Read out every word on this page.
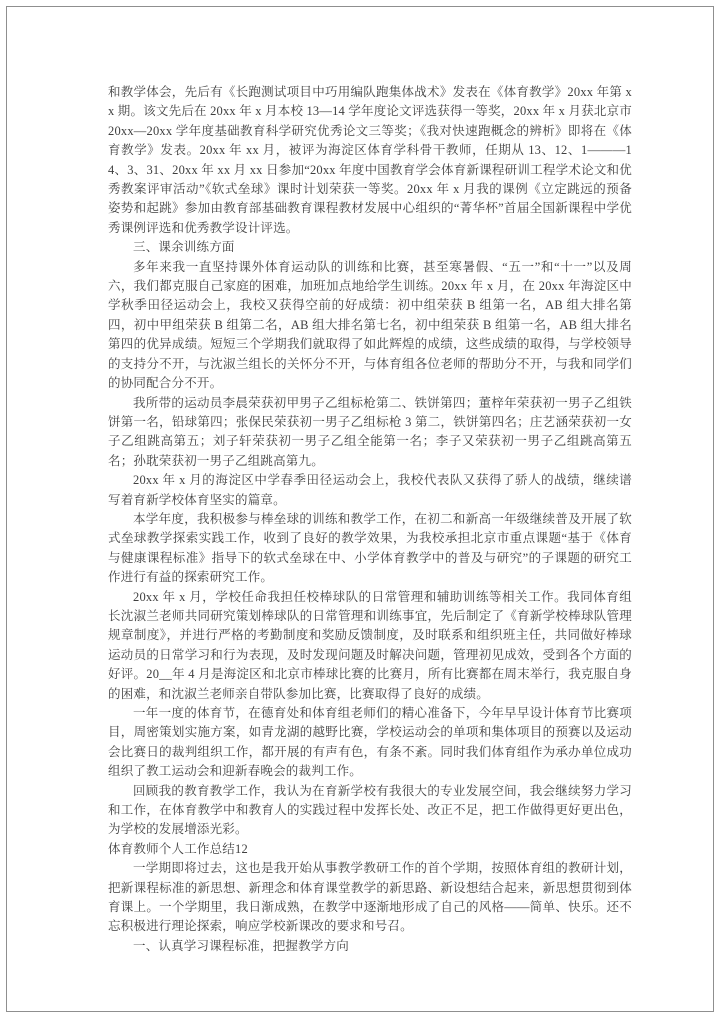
和教学体会，先后有《长跑测试项目中巧用编队跑集体战术》发表在《体育教学》20xx 年第 xx 期。该文先后在 20xx 年 x 月本校 13—14 学年度论文评选获得一等奖，20xx 年 x 月获北京市 20xx—20xx 学年度基础教育科学研究优秀论文三等奖；《我对快速跑概念的辨析》即将在《体育教学》发表。20xx 年 xx 月，被评为海淀区体育学科骨干教师，任期从 13、12、1———14、3、31、20xx 年 xx 月 xx 日参加“20xx 年度中国教育学会体育新课程研训工程学术论文和优秀教案评审活动”《软式垒球》课时计划荣获一等奖。20xx 年 x 月我的课例《立定跳远的预备姿势和起跳》参加由教育部基础教育课程教材发展中心组织的“菁华杯”首届全国新课程中学优秀课例评选和优秀教学设计评选。

三、课余训练方面

多年来我一直坚持课外体育运动队的训练和比赛，甚至寒暑假、“五一”和“十一”以及周六，我们都克服自己家庭的困难，加班加点地给学生训练。20xx 年 x 月，在 20xx 年海淀区中学秋季田径运动会上，我校又获得空前的好成绩：初中组荣获 B 组第一名，AB 组大排名第四，初中甲组荣获 B 组第二名，AB 组大排名第七名，初中组荣获 B 组第一名，AB 组大排名第四的优异成绩。短短三个学期我们就取得了如此辉煌的成绩，这些成绩的取得，与学校领导的支持分不开，与沈淑兰组长的关怀分不开，与体育组各位老师的帮助分不开，与我和同学们的协同配合分不开。

我所带的运动员李晨荣获初甲男子乙组标枪第二、铁饼第四；董梓年荣获初一男子乙组铁饼第一名，铅球第四；张保民荣获初一男子乙组标枪 3 第二，铁饼第四名；庄艺涵荣获初一女子乙组跳高第五；刘子轩荣获初一男子乙组全能第一名；李子又荣获初一男子乙组跳高第五名；孙耽荣获初一男子乙组跳高第九。

20xx 年 x 月的海淀区中学春季田径运动会上，我校代表队又获得了骄人的战绩，继续谱写着育新学校体育坚实的篇章。

本学年度，我积极参与棒垒球的训练和教学工作，在初二和新高一年级继续普及开展了软式垒球教学探索实践工作，收到了良好的教学效果，为我校承担北京市重点课题“基于《体育与健康课程标准》指导下的软式垒球在中、小学体育教学中的普及与研究”的子课题的研究工作进行有益的探索研究工作。

20xx 年 x 月，学校任命我担任校棒球队的日常管理和辅助训练等相关工作。我同体育组长沈淑兰老师共同研究策划棒球队的日常管理和训练事宜，先后制定了《育新学校棒球队管理规章制度》，并进行严格的考勤制度和奖励反馈制度，及时联系和组织班主任，共同做好棒球运动员的日常学习和行为表现，及时发现问题及时解决问题，管理初见成效，受到各个方面的好评。20__年 4 月是海淀区和北京市棒球比赛的比赛月，所有比赛都在周末举行，我克服自身的困难，和沈淑兰老师亲自带队参加比赛，比赛取得了良好的成绩。

一年一度的体育节，在德育处和体育组老师们的精心准备下，今年早早设计体育节比赛项目，周密策划实施方案，如青龙湖的越野比赛，学校运动会的单项和集体项目的预赛以及运动会比赛日的裁判组织工作，都开展的有声有色，有条不紊。同时我们体育组作为承办单位成功组织了教工运动会和迎新春晚会的裁判工作。

回顾我的教育教学工作，我认为在育新学校有我很大的专业发展空间，我会继续努力学习和工作，在体育教学中和教育人的实践过程中发挥长处、改正不足，把工作做得更好更出色，为学校的发展增添光彩。

体育教师个人工作总结12

一学期即将过去，这也是我开始从事教学教研工作的首个学期，按照体育组的教研计划，把新课程标准的新思想、新理念和体育课堂教学的新思路、新设想结合起来，新思想贯彻到体育课上。一个学期里，我日渐成熟，在教学中逐渐地形成了自己的风格——简单、快乐。还不忘积极进行理论探索，响应学校新课改的要求和号召。

一、认真学习课程标准，把握教学方向
